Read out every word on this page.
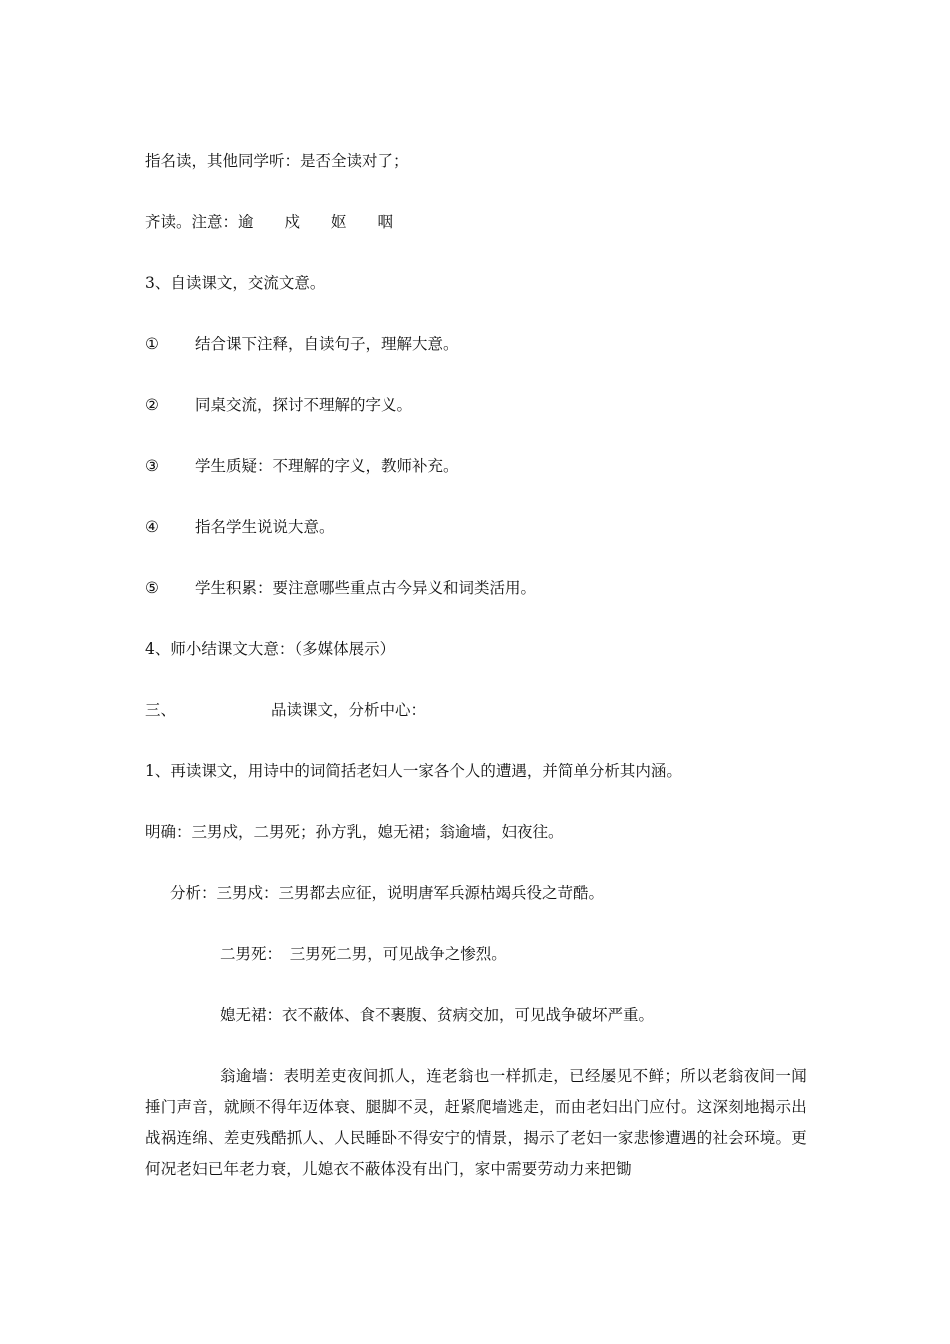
指名读，其他同学听：是否全读对了；
齐读。注意：逾　　戍　　妪　　咽
3、自读课文，交流文意。
① 结合课下注释，自读句子，理解大意。
② 同桌交流，探讨不理解的字义。
③ 学生质疑：不理解的字义，教师补充。
④ 指名学生说说大意。
⑤ 学生积累：要注意哪些重点古今异义和词类活用。
4、师小结课文大意：（多媒体展示）
三、	品读课文，分析中心：
1、再读课文，用诗中的词简括老妇人一家各个人的遭遇，并简单分析其内涵。
明确：三男戍，二男死；孙方乳，媳无裙；翁逾墙，妇夜往。
分析：三男戍：三男都去应征，说明唐军兵源枯竭兵役之苛酷。
二男死：　三男死二男，可见战争之惨烈。
媳无裙：衣不蔽体、食不裹腹、贫病交加，可见战争破坏严重。
翁逾墙：表明差吏夜间抓人，连老翁也一样抓走，已经屡见不鲜；所以老翁夜间一闻捶门声音，就顾不得年迈体衰、腿脚不灵，赶紧爬墙逃走，而由老妇出门应付。这深刻地揭示出战祸连绵、差吏残酷抓人、人民睡卧不得安宁的情景，揭示了老妇一家悲惨遭遇的社会环境。更何况老妇已年老力衰，儿媳衣不蔽体没有出门，家中需要劳动力来把锄
